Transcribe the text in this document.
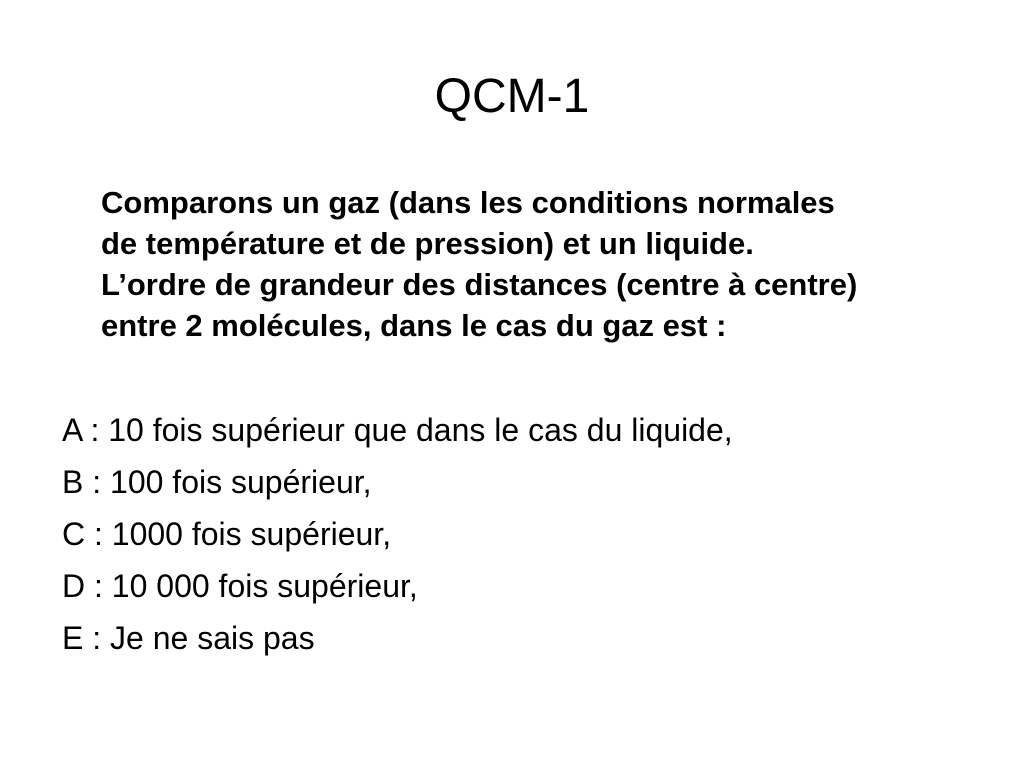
QCM-1
Comparons un gaz (dans les conditions normales
de température et de pression) et un liquide.
L’ordre de grandeur des distances (centre à centre)
entre 2 molécules, dans le cas du gaz est :
A : 10 fois supérieur que dans le cas du liquide,
B : 100 fois supérieur,
C : 1000 fois supérieur,
D : 10 000 fois supérieur,
E : Je ne sais pas
